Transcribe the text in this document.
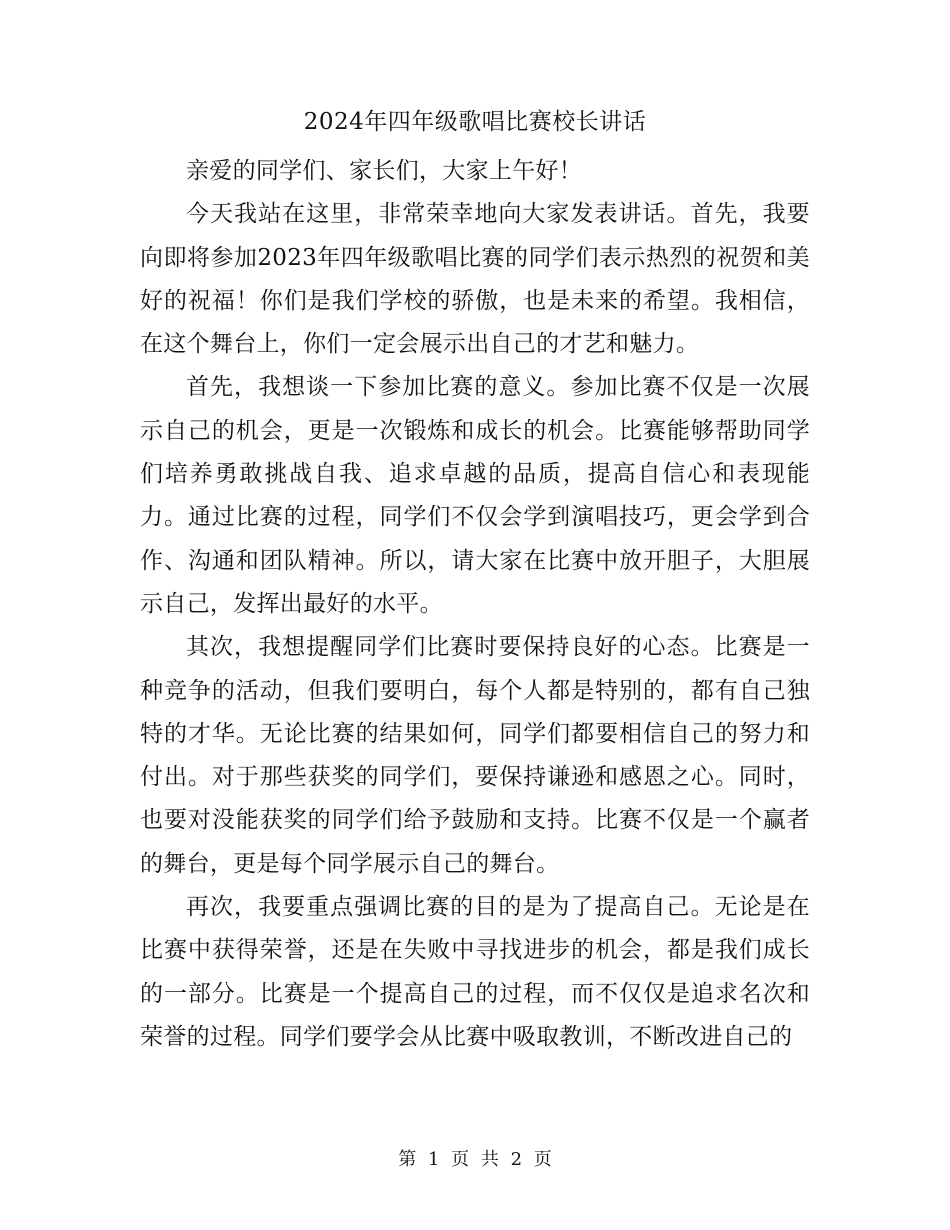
2024年四年级歌唱比赛校长讲话

亲爱的同学们、家长们，大家上午好！

今天我站在这里，非常荣幸地向大家发表讲话。首先，我要向即将参加2023年四年级歌唱比赛的同学们表示热烈的祝贺和美好的祝福！你们是我们学校的骄傲，也是未来的希望。我相信，在这个舞台上，你们一定会展示出自己的才艺和魅力。

首先，我想谈一下参加比赛的意义。参加比赛不仅是一次展示自己的机会，更是一次锻炼和成长的机会。比赛能够帮助同学们培养勇敢挑战自我、追求卓越的品质，提高自信心和表现能力。通过比赛的过程，同学们不仅会学到演唱技巧，更会学到合作、沟通和团队精神。所以，请大家在比赛中放开胆子，大胆展示自己，发挥出最好的水平。

其次，我想提醒同学们比赛时要保持良好的心态。比赛是一种竞争的活动，但我们要明白，每个人都是特别的，都有自己独特的才华。无论比赛的结果如何，同学们都要相信自己的努力和付出。对于那些获奖的同学们，要保持谦逊和感恩之心。同时，也要对没能获奖的同学们给予鼓励和支持。比赛不仅是一个赢者的舞台，更是每个同学展示自己的舞台。

再次，我要重点强调比赛的目的是为了提高自己。无论是在比赛中获得荣誉，还是在失败中寻找进步的机会，都是我们成长的一部分。比赛是一个提高自己的过程，而不仅仅是追求名次和荣誉的过程。同学们要学会从比赛中吸取教训，不断改进自己的

第 1 页 共 2 页
